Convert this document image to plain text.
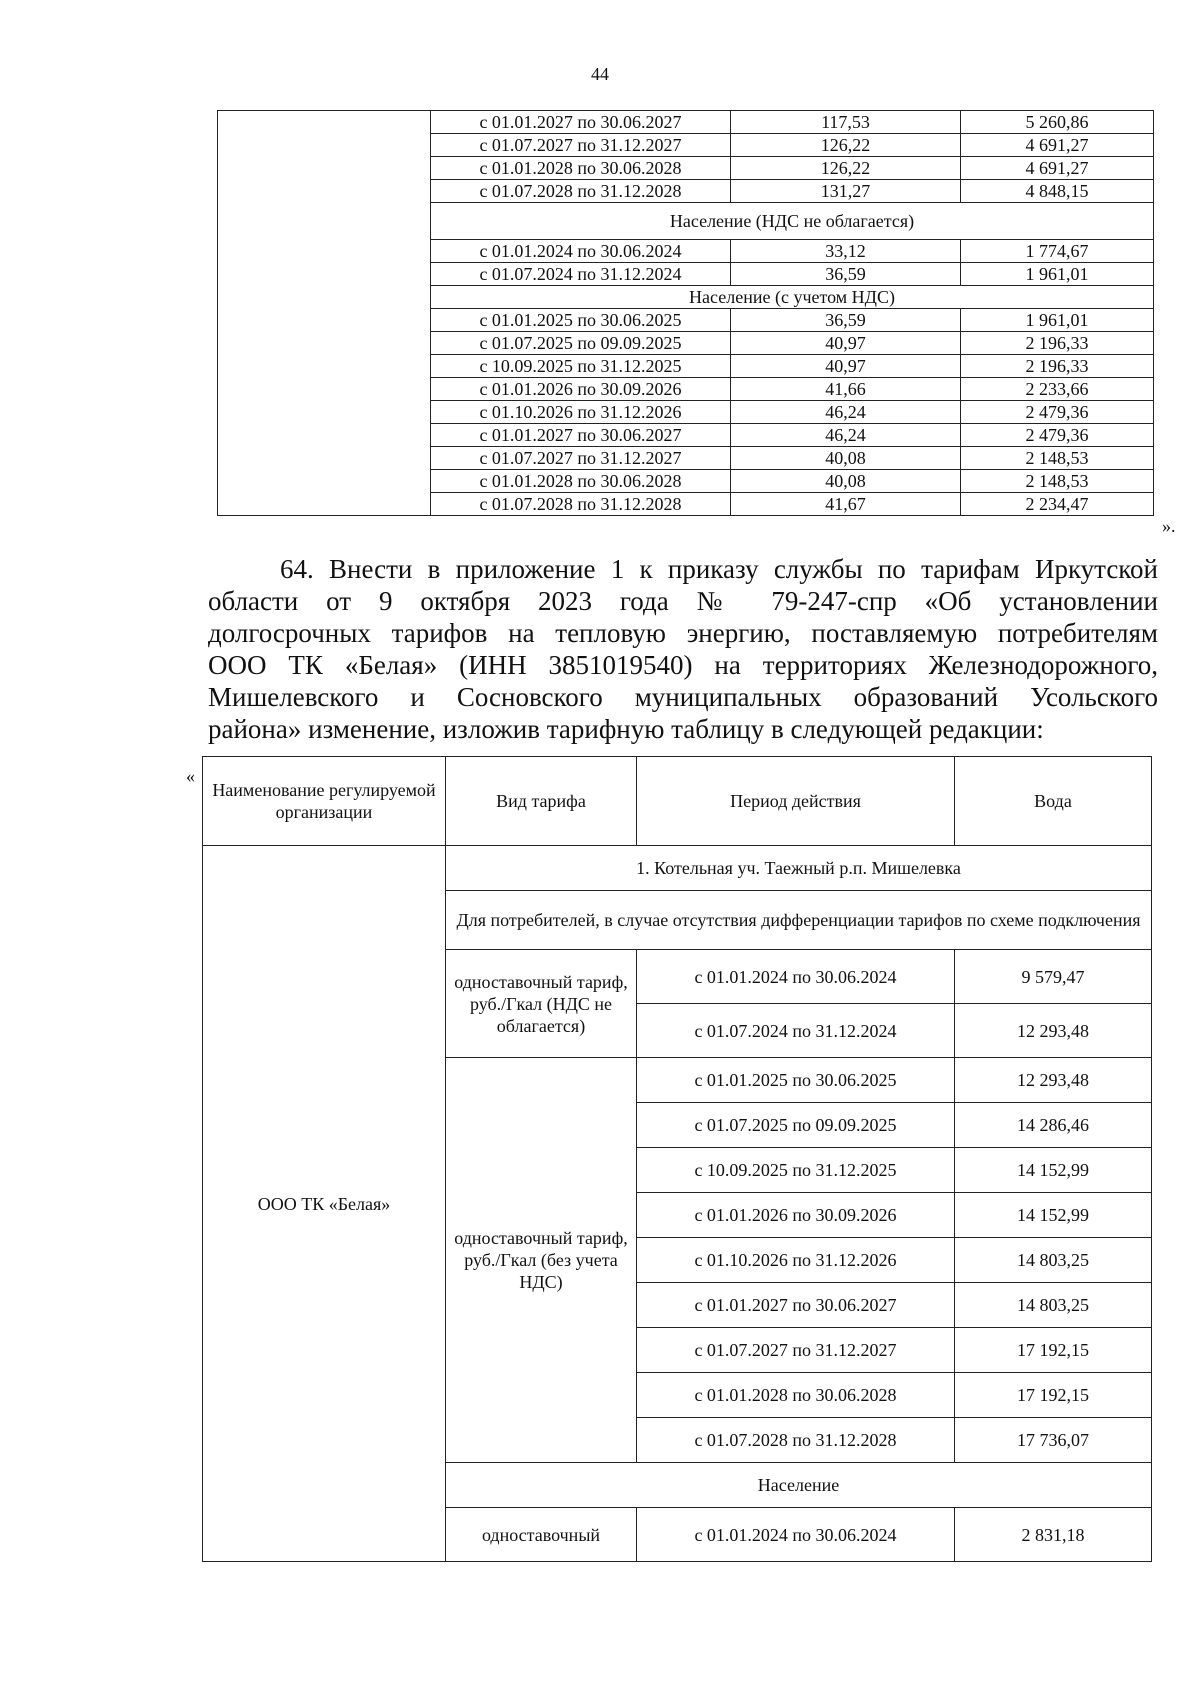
44
	с 01.01.2027 по 30.06.2027	117,53	5 260,86
	с 01.07.2027 по 31.12.2027	126,22	4 691,27
	с 01.01.2028 по 30.06.2028	126,22	4 691,27
	с 01.07.2028 по 31.12.2028	131,27	4 848,15
	Население (НДС не облагается)		
	с 01.01.2024 по 30.06.2024	33,12	1 774,67
	с 01.07.2024 по 31.12.2024	36,59	1 961,01
	Население (с учетом НДС)		
	с 01.01.2025 по 30.06.2025	36,59	1 961,01
	с 01.07.2025 по 09.09.2025	40,97	2 196,33
	с 10.09.2025 по 31.12.2025	40,97	2 196,33
	с 01.01.2026 по 30.09.2026	41,66	2 233,66
	с 01.10.2026 по 31.12.2026	46,24	2 479,36
	с 01.01.2027 по 30.06.2027	46,24	2 479,36
	с 01.07.2027 по 31.12.2027	40,08	2 148,53
	с 01.01.2028 по 30.06.2028	40,08	2 148,53
	с 01.07.2028 по 31.12.2028	41,67	2 234,47
».
64. Внести в приложение 1 к приказу службы по тарифам Иркутской
области от 9 октября 2023 года № 79-247-спр «Об установлении
долгосрочных тарифов на тепловую энергию, поставляемую потребителям
ООО ТК «Белая» (ИНН 3851019540) на территориях Железнодорожного,
Мишелевского и Сосновского муниципальных образований Усольского
района» изменение, изложив тарифную таблицу в следующей редакции:
«
Наименование регулируемой организации	Вид тарифа	Период действия	Вода
ООО ТК «Белая»	1. Котельная уч. Таежный р.п. Мишелевка		
	Для потребителей, в случае отсутствия дифференциации тарифов по схеме подключения		
	одноставочный тариф, руб./Гкал (НДС не облагается)	с 01.01.2024 по 30.06.2024	9 579,47
		с 01.07.2024 по 31.12.2024	12 293,48
	одноставочный тариф, руб./Гкал (без учета НДС)	с 01.01.2025 по 30.06.2025	12 293,48
		с 01.07.2025 по 09.09.2025	14 286,46
		с 10.09.2025 по 31.12.2025	14 152,99
		с 01.01.2026 по 30.09.2026	14 152,99
		с 01.10.2026 по 31.12.2026	14 803,25
		с 01.01.2027 по 30.06.2027	14 803,25
		с 01.07.2027 по 31.12.2027	17 192,15
		с 01.01.2028 по 30.06.2028	17 192,15
		с 01.07.2028 по 31.12.2028	17 736,07
	Население		
	одноставочный	с 01.01.2024 по 30.06.2024	2 831,18
